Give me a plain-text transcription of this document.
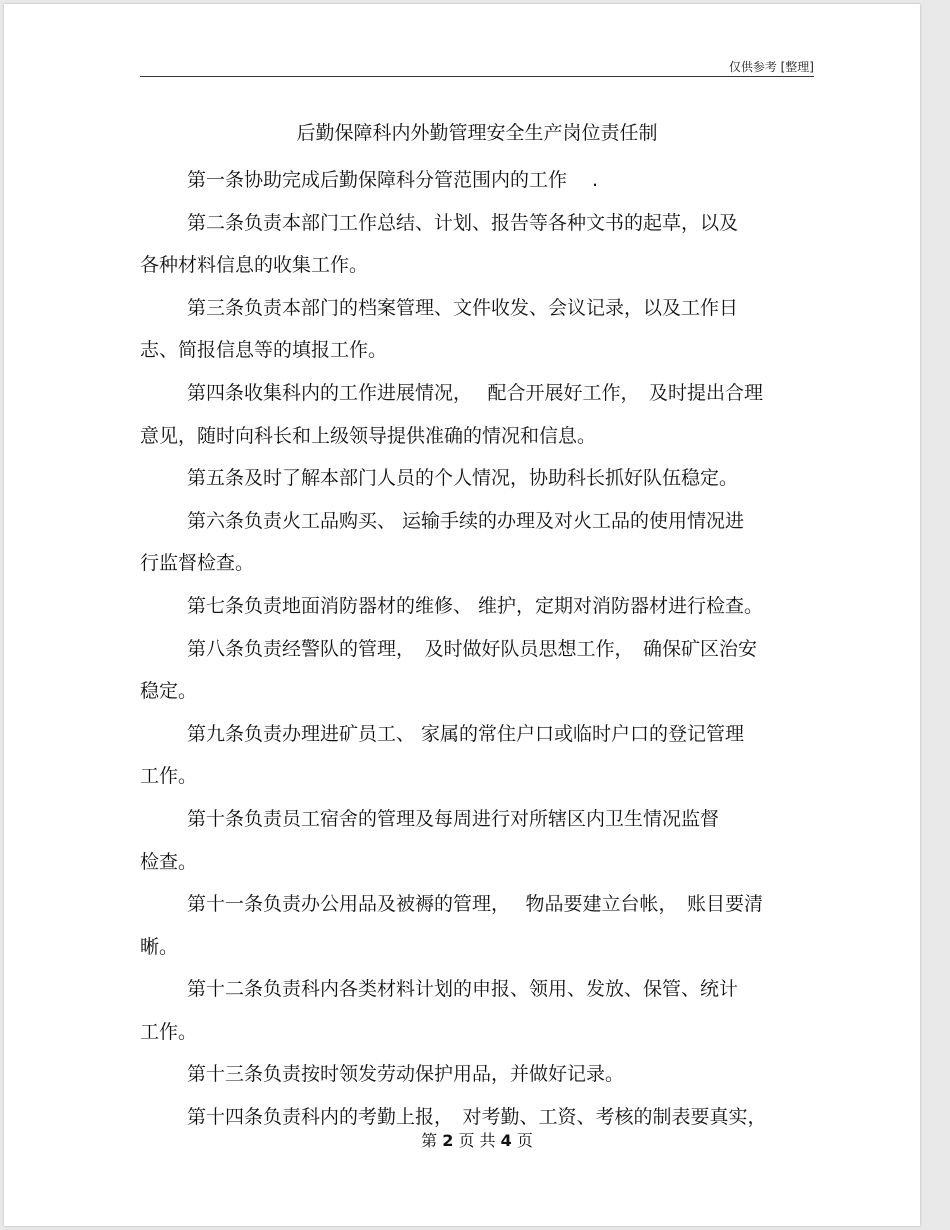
仅供参考 [整理]
后勤保障科内外勤管理安全生产岗位责任制
第一条协助完成后勤保障科分管范围内的工作　 .
第二条负责本部门工作总结、计划、报告等各种文书的起草，以及
各种材料信息的收集工作。
第三条负责本部门的档案管理、文件收发、会议记录，以及工作日
志、简报信息等的填报工作。
第四条收集科内的工作进展情况，　 配合开展好工作，　及时提出合理
意见，随时向科长和上级领导提供准确的情况和信息。
第五条及时了解本部门人员的个人情况，协助科长抓好队伍稳定。
第六条负责火工品购买、 运输手续的办理及对火工品的使用情况进
行监督检查。
第七条负责地面消防器材的维修、 维护，定期对消防器材进行检查。
第八条负责经警队的管理，　及时做好队员思想工作，　确保矿区治安
稳定。
第九条负责办理进矿员工、 家属的常住户口或临时户口的登记管理
工作。
第十条负责员工宿舍的管理及每周进行对所辖区内卫生情况监督
检查。
第十一条负责办公用品及被褥的管理，　 物品要建立台帐，　账目要清
晰。
第十二条负责科内各类材料计划的申报、领用、发放、保管、统计
工作。
第十三条负责按时领发劳动保护用品，并做好记录。
第十四条负责科内的考勤上报，　对考勤、工资、考核的制表要真实，
第 2 页 共 4 页
